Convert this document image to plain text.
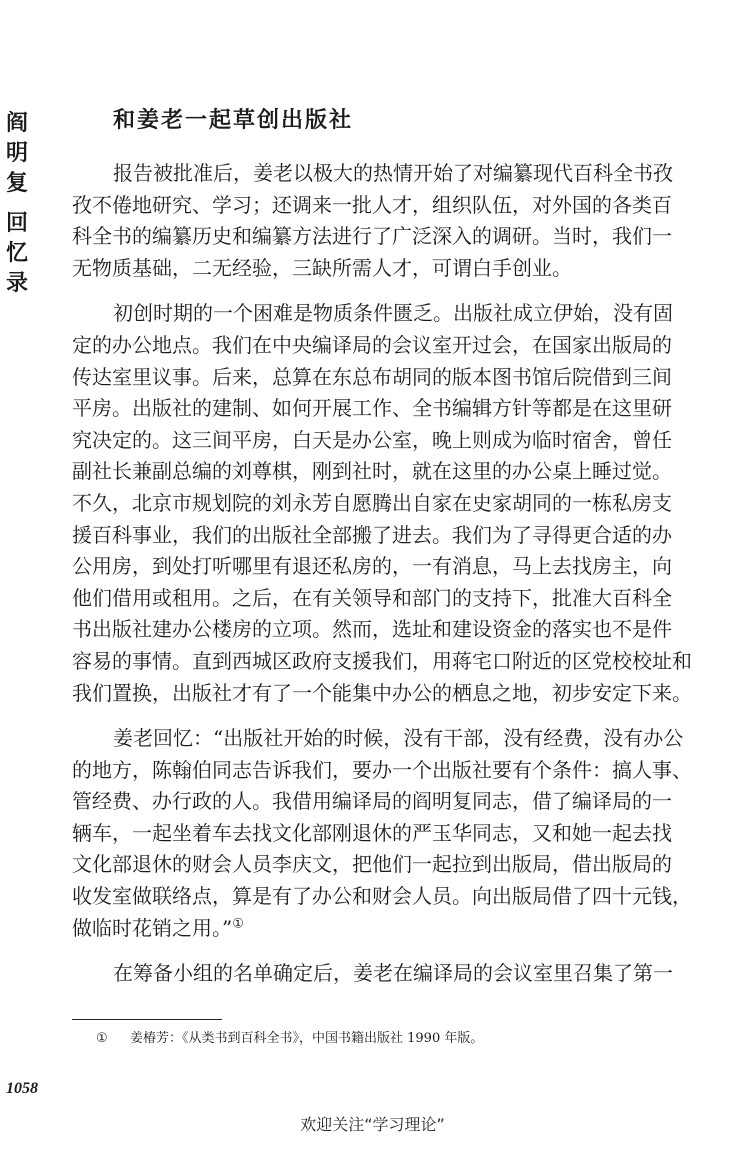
阎明复
回忆录
和姜老一起草创出版社
报告被批准后，姜老以极大的热情开始了对编纂现代百科全书孜
孜不倦地研究、学习；还调来一批人才，组织队伍，对外国的各类百
科全书的编纂历史和编纂方法进行了广泛深入的调研。当时，我们一
无物质基础，二无经验，三缺所需人才，可谓白手创业。
初创时期的一个困难是物质条件匮乏。出版社成立伊始，没有固
定的办公地点。我们在中央编译局的会议室开过会，在国家出版局的
传达室里议事。后来，总算在东总布胡同的版本图书馆后院借到三间
平房。出版社的建制、如何开展工作、全书编辑方针等都是在这里研
究决定的。这三间平房，白天是办公室，晚上则成为临时宿舍，曾任
副社长兼副总编的刘尊棋，刚到社时，就在这里的办公桌上睡过觉。
不久，北京市规划院的刘永芳自愿腾出自家在史家胡同的一栋私房支
援百科事业，我们的出版社全部搬了进去。我们为了寻得更合适的办
公用房，到处打听哪里有退还私房的，一有消息，马上去找房主，向
他们借用或租用。之后，在有关领导和部门的支持下，批准大百科全
书出版社建办公楼房的立项。然而，选址和建设资金的落实也不是件
容易的事情。直到西城区政府支援我们，用蒋宅口附近的区党校校址和
我们置换，出版社才有了一个能集中办公的栖息之地，初步安定下来。
姜老回忆：“出版社开始的时候，没有干部，没有经费，没有办公
的地方，陈翰伯同志告诉我们，要办一个出版社要有个条件：搞人事、
管经费、办行政的人。我借用编译局的阎明复同志，借了编译局的一
辆车，一起坐着车去找文化部刚退休的严玉华同志，又和她一起去找
文化部退休的财会人员李庆文，把他们一起拉到出版局，借出版局的
收发室做联络点，算是有了办公和财会人员。向出版局借了四十元钱，
做临时花销之用。”①
在筹备小组的名单确定后，姜老在编译局的会议室里召集了第一
① 姜椿芳：《从类书到百科全书》，中国书籍出版社 1990 年版。
1058
欢迎关注“学习理论”
